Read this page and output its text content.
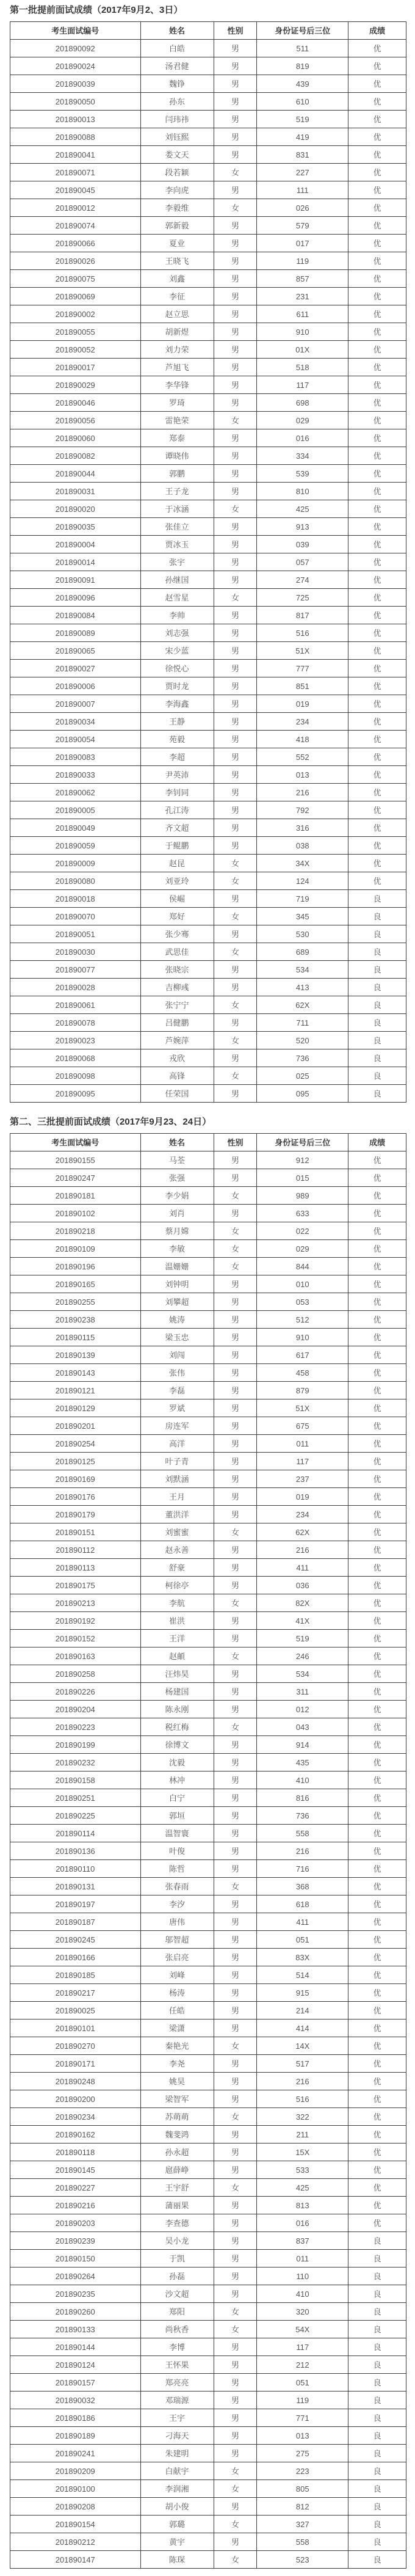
第一批提前面试成绩（2017年9月2、3日）
考生面试编号	姓名	性别	身份证号后三位	成绩
201890092	白皓	男	511	优
201890024	汤君健	男	819	优
201890039	魏铮	男	439	优
201890050	孙东	男	610	优
201890013	闫玮祎	男	519	优
201890088	刘钰熙	男	419	优
201890041	娄文天	男	831	优
201890071	段若颖	女	227	优
201890045	李向虎	男	111	优
201890012	李毅维	女	026	优
201890074	郭新毅	男	579	优
201890066	夏业	男	017	优
201890026	王晓飞	男	119	优
201890075	刘鑫	男	857	优
201890069	李征	男	231	优
201890002	赵立思	男	611	优
201890055	胡新煜	男	910	优
201890052	刘力荣	男	01X	优
201890017	芦旭飞	男	518	优
201890029	李华锋	男	117	优
201890046	罗琦	男	698	优
201890056	雷艳荣	女	029	优
201890060	郑泰	男	016	优
201890082	谭晓伟	男	334	优
201890044	郭鹏	男	539	优
201890031	王子龙	男	810	优
201890020	于冰涵	女	425	优
201890035	张佳立	男	913	优
201890004	贾冰玉	男	039	优
201890014	张宇	男	057	优
201890091	孙继国	男	274	优
201890096	赵雪星	女	725	优
201890084	李帅	男	817	优
201890089	刘志强	男	516	优
201890065	宋少蓝	男	51X	优
201890027	徐悦心	男	777	优
201890006	贾时龙	男	851	优
201890007	李海鑫	男	019	优
201890034	王静	男	234	优
201890054	苑毅	男	418	优
201890083	李超	男	552	优
201890033	尹英沛	男	013	优
201890062	李钊同	男	216	优
201890005	孔江涛	男	792	优
201890049	齐文超	男	316	优
201890059	于鲲鹏	男	038	优
201890009	赵昆	女	34X	优
201890080	刘亚玲	女	124	优
201890018	侯崛	男	719	良
201890070	郑好	女	345	良
201890051	张少骞	男	530	良
201890030	武思佳	女	689	良
201890077	张晓宗	男	534	良
201890028	吉柳彧	男	413	良
201890061	张宁宁	女	62X	良
201890078	吕健鹏	男	711	良
201890023	芦婉萍	女	520	良
201890068	戎欣	男	736	良
201890098	高锋	女	025	良
201890095	任荣国	男	095	良
第二、三批提前面试成绩（2017年9月23、24日）
考生面试编号	姓名	性别	身份证号后三位	成绩
201890155	马荃	男	912	优
201890247	张强	男	015	优
201890181	李少娟	女	989	优
201890102	刘肖	男	633	优
201890218	蔡月嫦	女	022	优
201890109	李敏	女	029	优
201890196	温姗姗	女	844	优
201890165	刘钟明	男	010	优
201890255	刘攀超	男	053	优
201890238	姚涛	男	512	优
201890115	梁玉忠	男	910	优
201890139	刘闯	男	617	优
201890143	张伟	男	458	优
201890121	李磊	男	879	优
201890129	罗斌	男	51X	优
201890201	房连军	男	675	优
201890254	高洋	男	011	优
201890125	叶子青	男	117	优
201890169	刘默涵	男	237	优
201890176	王月	男	019	优
201890179	董洪洋	男	234	优
201890151	刘蜜蜜	女	62X	优
201890112	赵永善	男	216	优
201890113	舒豪	男	411	优
201890175	柯徐亭	男	036	优
201890213	李航	女	82X	优
201890192	崔洪	男	41X	优
201890152	王洋	男	519	优
201890163	赵頔	女	246	优
201890258	汪炜昊	男	534	优
201890226	杨建国	男	311	优
201890204	陈永刚	男	012	优
201890223	税红梅	女	043	优
201890199	徐博文	男	914	优
201890232	沈毅	男	435	优
201890158	林冲	男	410	优
201890251	白宁	男	816	优
201890225	郭垣	男	736	优
201890114	温智寰	男	558	优
201890136	叶俊	男	216	优
201890110	陈哲	男	716	优
201890131	张春雨	女	368	优
201890197	李汐	男	618	优
201890187	唐伟	男	411	优
201890245	邬智超	男	051	优
201890166	张启亮	男	83X	优
201890185	刘峰	男	514	优
201890217	杨涛	男	915	优
201890025	任皓	男	214	优
201890101	梁潇	男	414	优
201890270	秦艳光	女	14X	优
201890171	李尧	男	517	优
201890248	姚昊	男	216	优
201890200	梁智军	男	516	优
201890234	苏萌萌	女	322	优
201890162	魏斐鸿	男	211	优
201890118	孙永超	男	15X	优
201890145	扈薛峥	男	533	优
201890227	王宇舒	女	425	优
201890216	蒲丽果	男	813	优
201890203	李查德	男	016	优
201890239	吴小龙	男	837	良
201890150	于凯	男	011	良
201890264	孙磊	男	110	良
201890235	沙文超	男	410	良
201890260	郑阳	女	320	良
201890133	尚秋香	女	54X	良
201890144	李博	男	117	良
201890124	王怀果	男	212	良
201890157	郑亮亮	男	051	良
201890032	邓瑞源	男	119	良
201890186	王宇	男	771	良
201890189	刁海天	男	013	良
201890241	朱建明	男	275	良
201890209	白献宇	女	223	良
201890100	李润湘	女	805	良
201890208	胡小俊	男	812	良
201890154	郭璐	女	327	良
201890212	黄宇	男	558	良
201890147	陈琛	女	523	良
